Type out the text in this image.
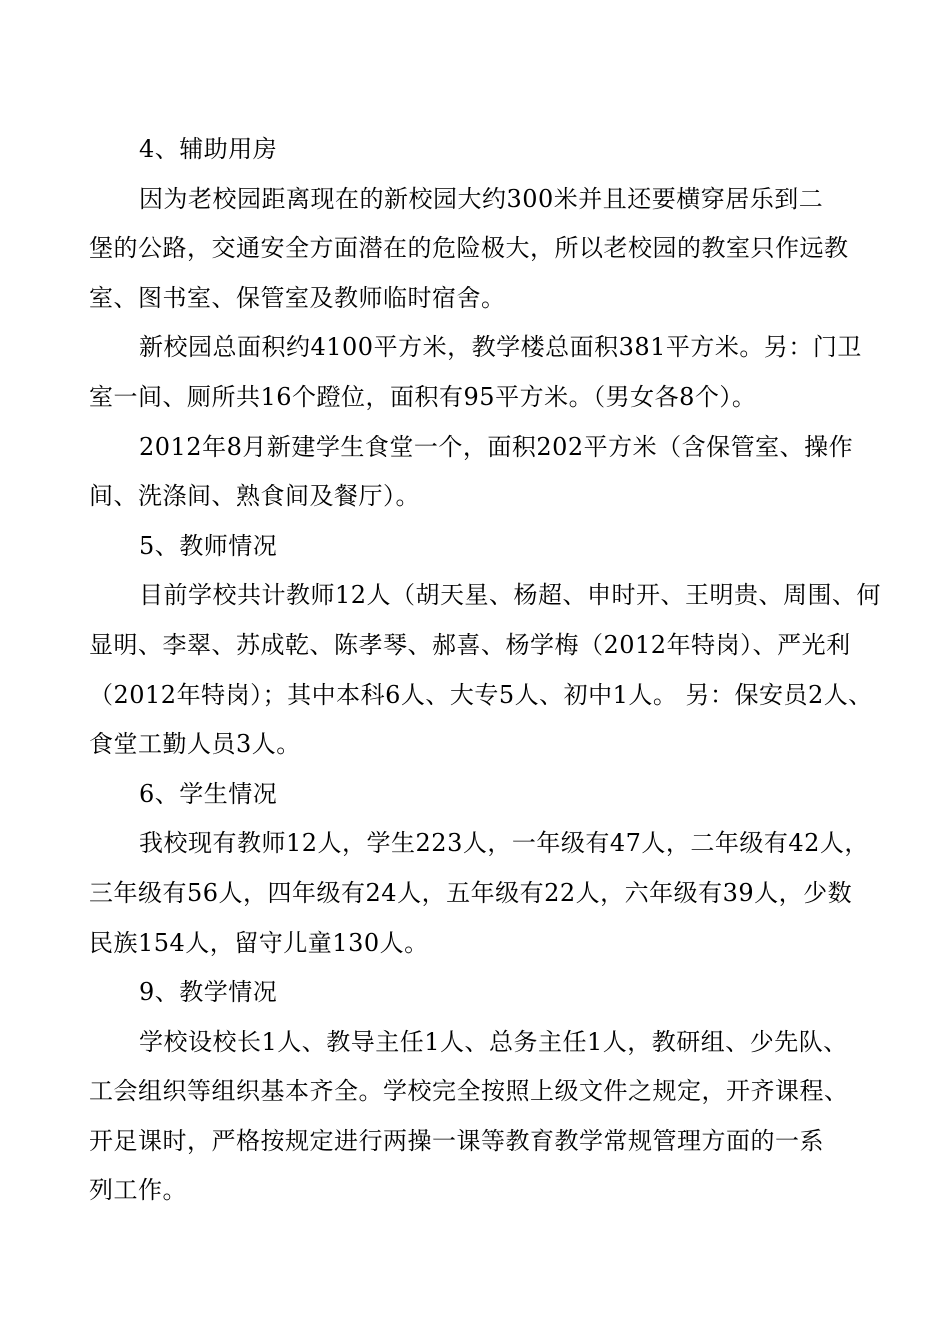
4、辅助用房
因为老校园距离现在的新校园大约300米并且还要横穿居乐到二
堡的公路，交通安全方面潜在的危险极大，所以老校园的教室只作远教
室、图书室、保管室及教师临时宿舍。
新校园总面积约4100平方米，教学楼总面积381平方米。另：门卫
室一间、厕所共16个蹬位，面积有95平方米。（男女各8个）。
2012年8月新建学生食堂一个，面积202平方米（含保管室、操作
间、洗涤间、熟食间及餐厅）。
5、教师情况
目前学校共计教师12人（胡天星、杨超、申时开、王明贵、周围、何
显明、李翠、苏成乾、陈孝琴、郝喜、杨学梅（2012年特岗）、严光利
（2012年特岗）；其中本科6人、大专5人、初中1人。 另：保安员2人、
食堂工勤人员3人。
6、学生情况
我校现有教师12人，学生223人，一年级有47人，二年级有42人，
三年级有56人，四年级有24人，五年级有22人，六年级有39人，少数
民族154人，留守儿童130人。
9、教学情况
学校设校长1人、教导主任1人、总务主任1人，教研组、少先队、
工会组织等组织基本齐全。学校完全按照上级文件之规定，开齐课程、
开足课时，严格按规定进行两操一课等教育教学常规管理方面的一系
列工作。
